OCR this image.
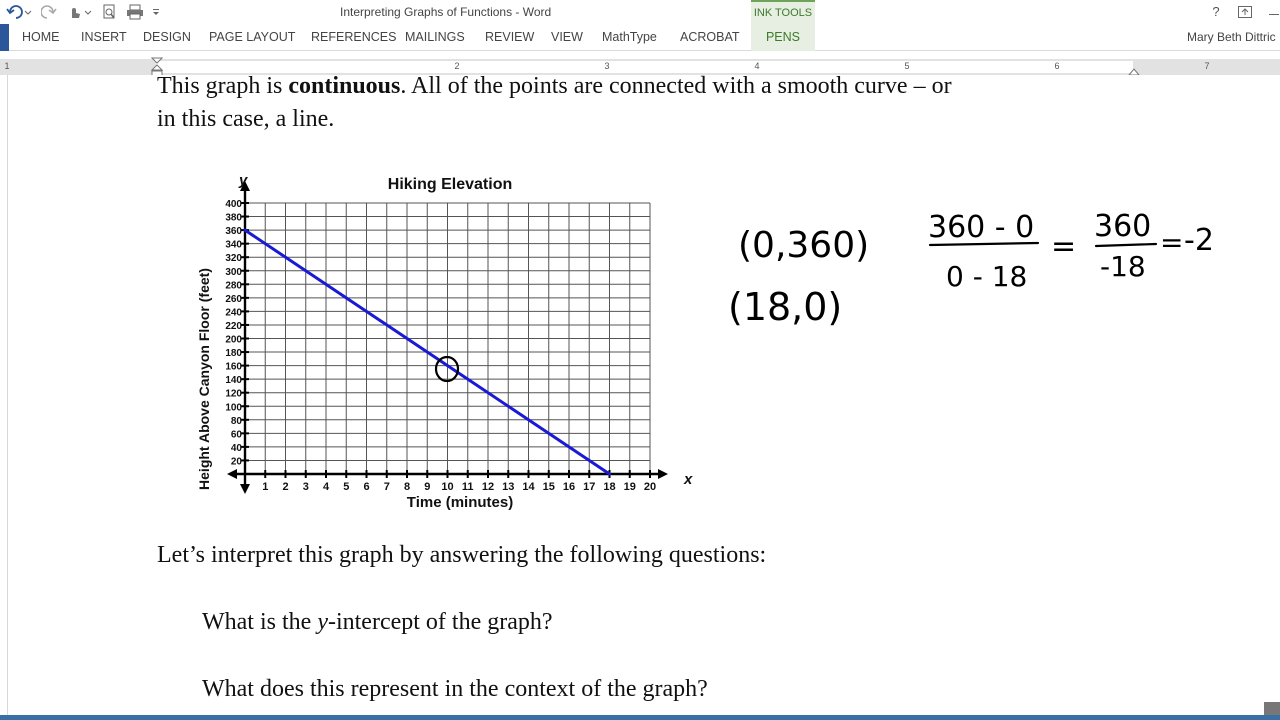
Interpreting Graphs of Functions - Word	INK TOOLS	?
HOME INSERT DESIGN PAGE LAYOUT REFERENCES MAILINGS REVIEW VIEW MathType ACROBAT	PENS	Mary Beth Dittric
1	2	3	4	5	6	7
This graph is continuous. All of the points are connected with a smooth curve – or
in this case, a line.
1 2 3 4 5 6 7 8 9 10 11 12 13 14 15 16 17 18 19 20
20
40
60
80
100
120
140
160
180
200
220
240
260
280
300
320
340
360
380
400
Hiking Elevation
Time (minutes)
Height Above Canyon Floor (feet)	x
y
(0,360)
(18,0)
360 - 0
0 - 18
=
360
-18
= -2
Let’s interpret this graph by answering the following questions:
What is the y-intercept of the graph?
What does this represent in the context of the graph?
